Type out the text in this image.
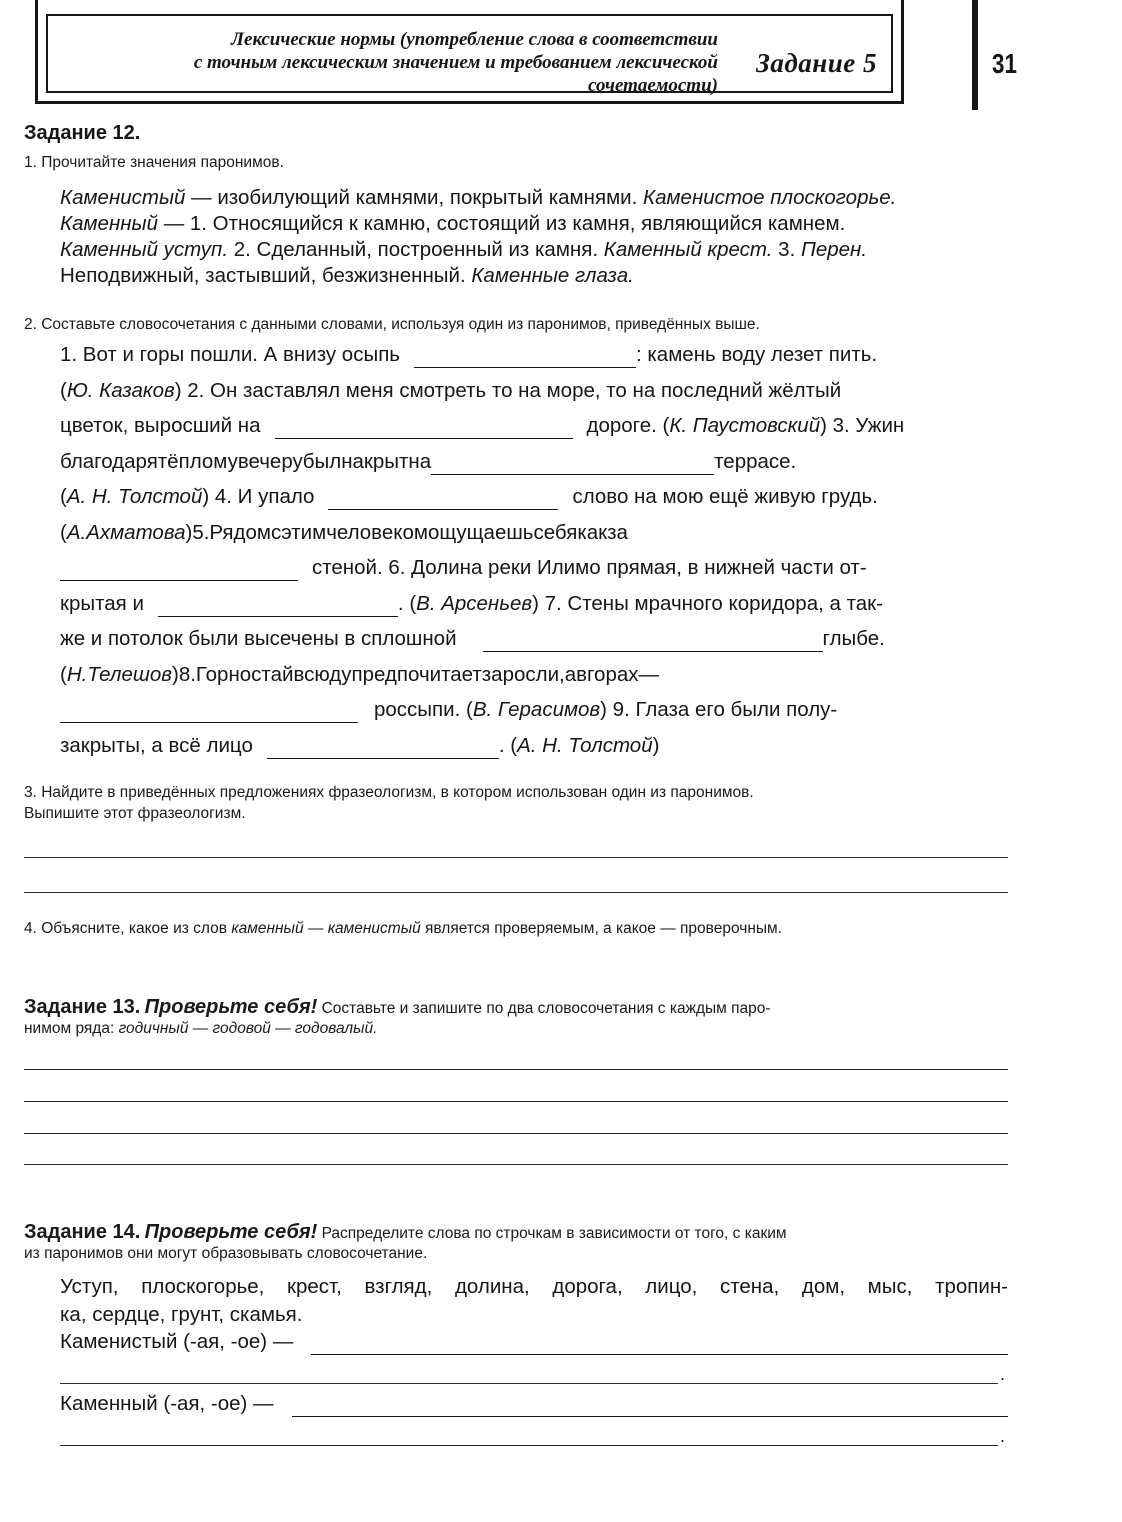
Лексические нормы (употребление слова в соответствии
с точным лексическим значением и требованием лексической
сочетаемости)
Задание 5	31
Задание 12.
1. Прочитайте значения паронимов.
Каменистый — изобилующий камнями, покрытый камнями. Каменистое плоскогорье.
Каменный — 1. Относящийся к камню, состоящий из камня, являющийся камнем.
Каменный уступ. 2. Сделанный, построенный из камня. Каменный крест. 3. Перен.
Неподвижный, застывший, безжизненный. Каменные глаза.
2. Составьте словосочетания с данными словами, используя один из паронимов, приведённых выше.
1. Вот и горы пошли. А внизу осыпь	: камень воду лезет пить.
( Ю. Казаков ) 2. Он заставлял меня смотреть то на море, то на последний жёлтый
цветок, выросший на	дороге. ( К. Паустовский ) 3. Ужин
благодаря тёплому вечеру был накрыт на	террасе.
( А. Н. Толстой ) 4. И упало	слово на мою ещё живую грудь.
( А. Ахматова ) 5. Рядом с этим человеком ощущаешь себя как за
стеной. 6. Долина реки Илимо прямая, в нижней части от-
крытая и	. ( В. Арсеньев ) 7. Стены мрачного коридора, а так-
же и потолок были высечены в сплошной	глыбе.
( Н. Телешов ) 8. Горностай всюду предпочитает заросли, а в горах —
россыпи. ( В. Герасимов ) 9. Глаза его были полу-
закрыты, а всё лицо	. ( А. Н. Толстой )
3. Найдите в приведённых предложениях фразеологизм, в котором использован один из паронимов.
Выпишите этот фразеологизм.
4. Объясните, какое из слов каменный — каменистый является проверяемым, а какое — проверочным.
Задание 13. Проверьте себя! Составьте и запишите по два словосочетания с каждым паро-
нимом ряда: годичный — годовой — годовалый.
Задание 14. Проверьте себя! Распределите слова по строчкам в зависимости от того, с каким
из паронимов они могут образовывать словосочетание.
Уступ, плоскогорье, крест, взгляд, долина, дорога, лицо, стена, дом, мыс, тропин-
ка, сердце, грунт, скамья.
Каменистый (-ая, -ое) —
.
Каменный (-ая, -ое) —
.
